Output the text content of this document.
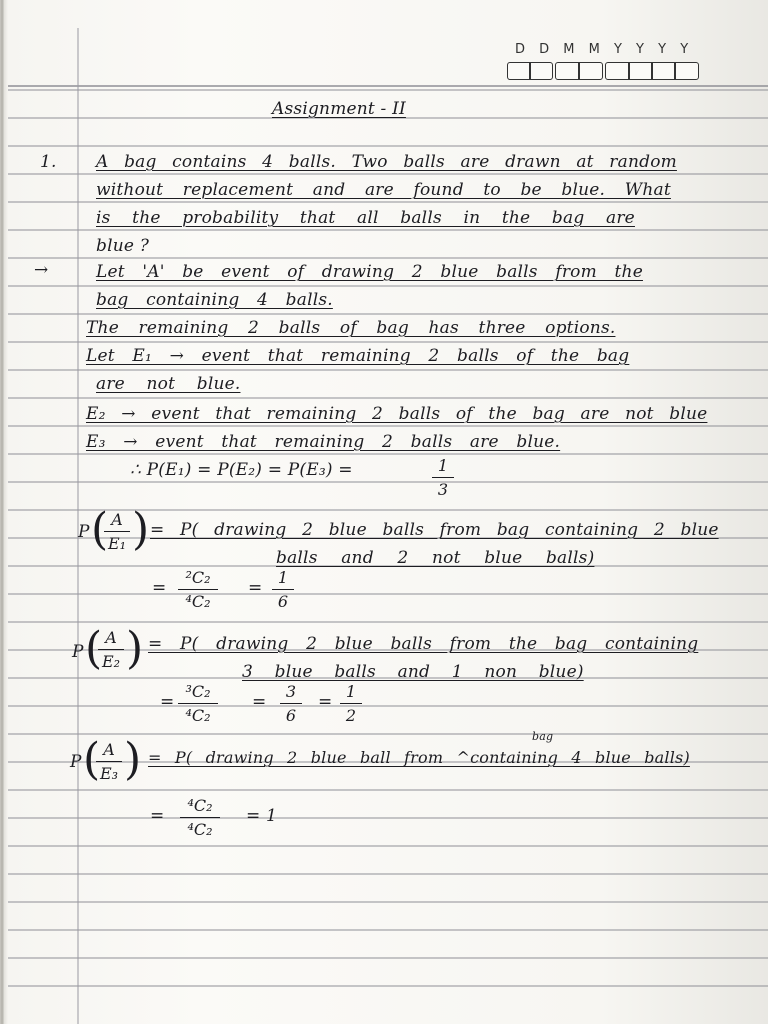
D D M M Y Y Y Y
Assignment - II
1. A bag contains 4 balls. Two balls are drawn at random
without replacement and are found to be blue. What
is the probability that all balls in the bag are
blue ?
→	Let 'A' be event of drawing 2 blue balls from the
bag containing 4 balls.
The remaining 2 balls of bag has three options.
Let E₁ → event that remaining 2 balls of the bag
are not blue.
E₂ → event that remaining 2 balls of the bag are not blue
E₃ → event that remaining 2 balls are blue.
∴ P(E₁) = P(E₂) = P(E₃) =	1
3
P ( A
E₁ ) = P( drawing 2 blue balls from bag containing 2 blue
balls and 2 not blue balls)
=
²C₂
⁴C₂
=
1
6
P ( A
E₂ ) = P( drawing 2 blue balls from the bag containing
3 blue balls and 1 non blue)
=
³C₂
⁴C₂
=
3
6
=
1
2
P ( A
E₃ )	bag
= P( drawing 2 blue ball from ^containing 4 blue balls)
=
⁴C₂
⁴C₂
= 1
